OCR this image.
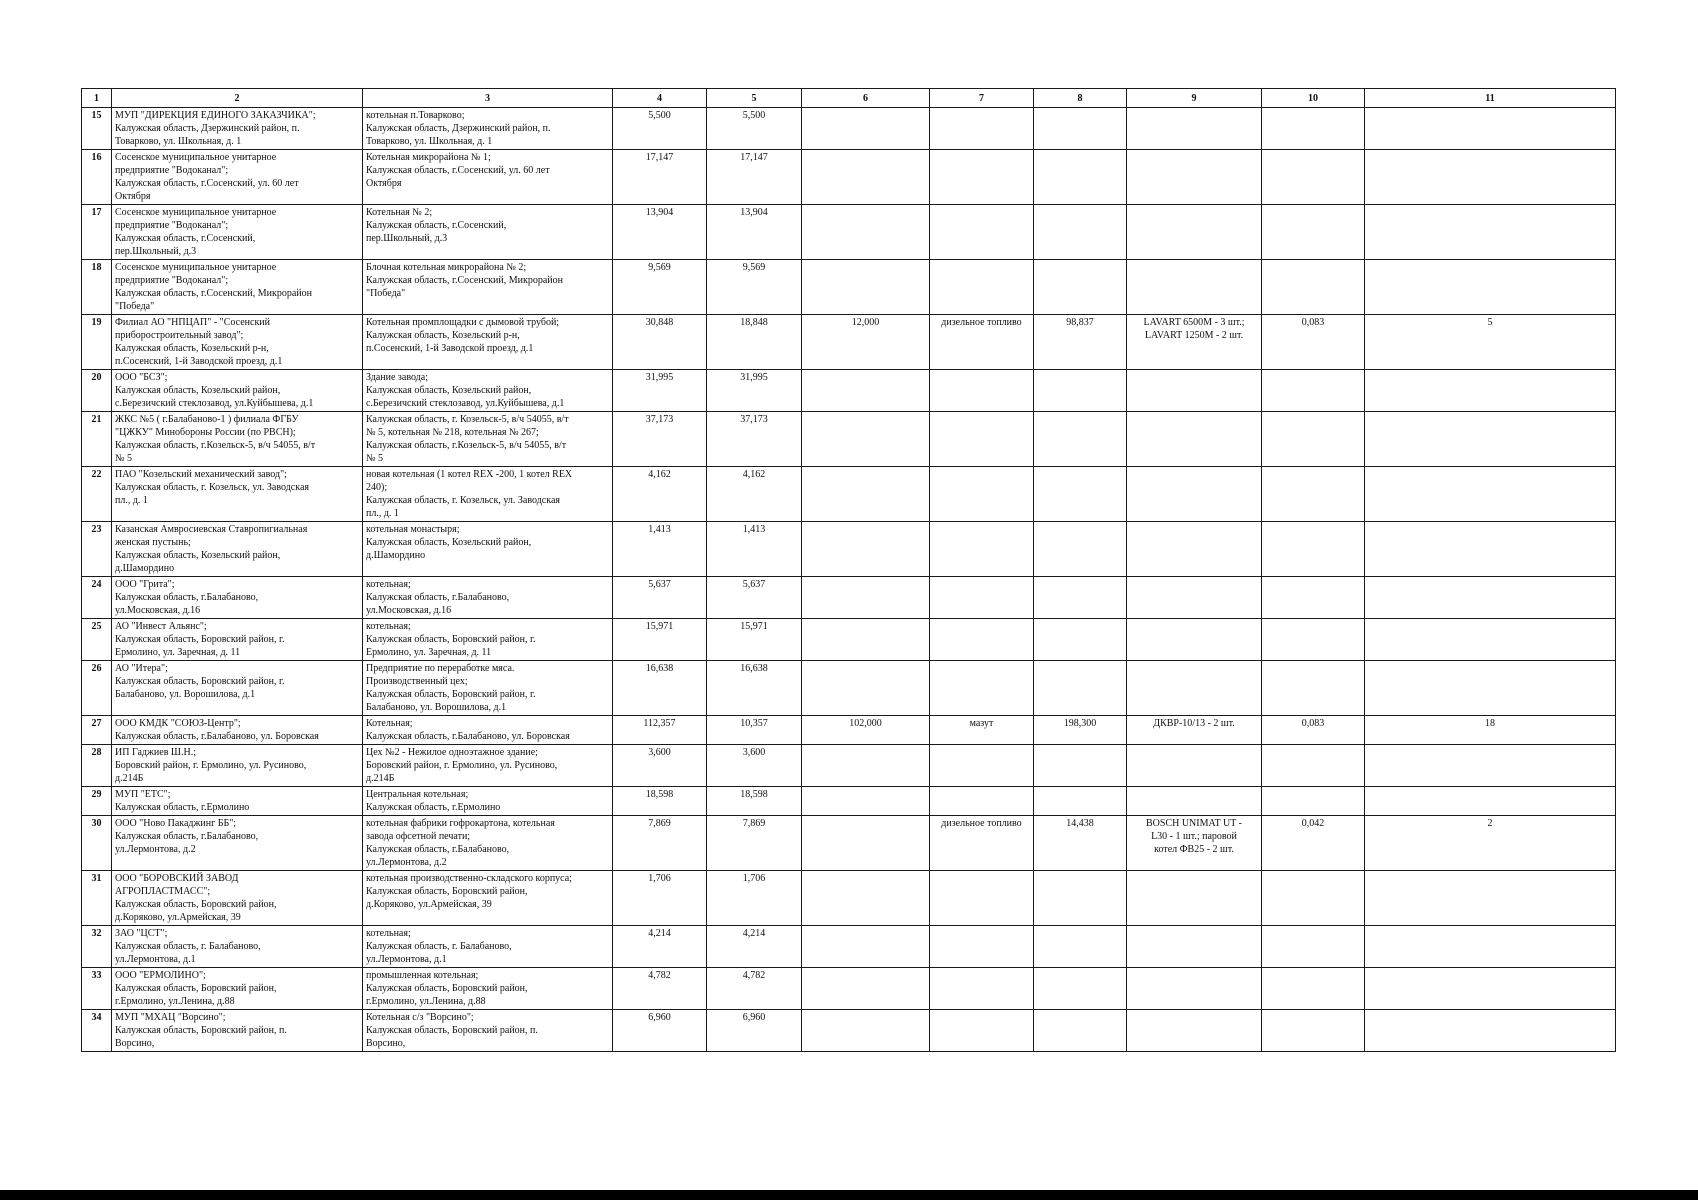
1	2	3	4	5	6	7	8	9	10	11
15	МУП "ДИРЕКЦИЯ ЕДИНОГО ЗАКАЗЧИКА";
Калужская область, Дзержинский район, п.
Товарково, ул. Школьная, д. 1	котельная п.Товарково;
Калужская область, Дзержинский район, п.
Товарково, ул. Школьная, д. 1	5,500	5,500						
16	Сосенское муниципальное унитарное
предприятие "Водоканал";
Калужская область, г.Сосенский, ул. 60 лет
Октября	Котельная микрорайона № 1;
Калужская область, г.Сосенский, ул. 60 лет
Октября	17,147	17,147						
17	Сосенское муниципальное унитарное
предприятие "Водоканал";
Калужская область, г.Сосенский,
пер.Школьный, д.3	Котельная № 2;
Калужская область, г.Сосенский,
пер.Школьный, д.3	13,904	13,904						
18	Сосенское муниципальное унитарное
предприятие "Водоканал";
Калужская область, г.Сосенский, Микрорайон
"Победа"	Блочная котельная микрорайона № 2;
Калужская область, г.Сосенский, Микрорайон
"Победа"	9,569	9,569						
19	Филиал АО "НПЦАП" - "Сосенский
приборостроительный завод";
Калужская область, Козельский р-н,
п.Сосенский, 1-й Заводской проезд, д.1	Котельная промплощадки с дымовой трубой;
Калужская область, Козельский р-н,
п.Сосенский, 1-й Заводской проезд, д.1	30,848	18,848	12,000	дизельное топливо	98,837	LAVART 6500M - 3 шт.;
LAVART 1250M - 2 шт.	0,083	5
20	ООО "БСЗ";
Калужская область, Козельский район,
с.Березичский стеклозавод, ул.Куйбышева, д.1	Здание завода;
Калужская область, Козельский район,
с.Березичский стеклозавод, ул.Куйбышева, д.1	31,995	31,995						
21	ЖКС №5 ( г.Балабаново-1 ) филиала ФГБУ
"ЦЖКУ" Минобороны России (по РВСН);
Калужская область, г.Козельск-5, в/ч 54055, в/т
№ 5	Калужская область, г. Козельск-5, в/ч 54055, в/т
№ 5, котельная № 218, котельная № 267;
Калужская область, г.Козельск-5, в/ч 54055, в/т
№ 5	37,173	37,173						
22	ПАО "Козельский механический завод";
Калужская область, г. Козельск, ул. Заводская
пл., д. 1	новая котельная (1 котел REX -200, 1 котел REX
240);
Калужская область, г. Козельск, ул. Заводская
пл., д. 1	4,162	4,162						
23	Казанская Амвросиевская Ставропигиальная
женская пустынь;
Калужская область, Козельский район,
д.Шамордино	котельная монастыря;
Калужская область, Козельский район,
д.Шамордино	1,413	1,413						
24	ООО "Грита";
Калужская область, г.Балабаново,
ул.Московская, д.16	котельная;
Калужская область, г.Балабаново,
ул.Московская, д.16	5,637	5,637						
25	АО "Инвест Альянс";
Калужская область, Боровский район, г.
Ермолино, ул. Заречная, д. 11	котельная;
Калужская область, Боровский район, г.
Ермолино, ул. Заречная, д. 11	15,971	15,971						
26	АО "Итера";
Калужская область, Боровский район, г.
Балабаново, ул. Ворошилова, д.1	Предприятие по переработке мяса.
Производственный цех;
Калужская область, Боровский район, г.
Балабаново, ул. Ворошилова, д.1	16,638	16,638						
27	ООО КМДК "СОЮЗ-Центр";
Калужская область, г.Балабаново, ул. Боровская	Котельная;
Калужская область, г.Балабаново, ул. Боровская	112,357	10,357	102,000	мазут	198,300	ДКВР-10/13 - 2 шт.	0,083	18
28	ИП Гаджиев Ш.Н.;
Боровский район, г. Ермолино, ул. Русиново,
д.214Б	Цех №2 - Нежилое одноэтажное здание;
Боровский район, г. Ермолино, ул. Русиново,
д.214Б	3,600	3,600						
29	МУП "ЕТС";
Калужская область, г.Ермолино	Центральная котельная;
Калужская область, г.Ермолино	18,598	18,598						
30	ООО "Ново Пакаджинг ББ";
Калужская область, г.Балабаново,
ул.Лермонтова, д.2	котельная фабрики гофрокартона, котельная
завода офсетной печати;
Калужская область, г.Балабаново,
ул.Лермонтова, д.2	7,869	7,869		дизельное топливо	14,438	BOSCH UNIMAT UT -
L30 - 1 шт.; паровой
котел ФВ25 - 2 шт.	0,042	2
31	ООО "БОРОВСКИЙ ЗАВОД
АГРОПЛАСТМАСС";
Калужская область, Боровский район,
д.Коряково, ул.Армейская, 39	котельная производственно-складского корпуса;
Калужская область, Боровский район,
д.Коряково, ул.Армейская, 39	1,706	1,706						
32	ЗАО "ЦСТ";
Калужская область, г. Балабаново,
ул.Лермонтова, д.1	котельная;
Калужская область, г. Балабаново,
ул.Лермонтова, д.1	4,214	4,214						
33	ООО "ЕРМОЛИНО";
Калужская область, Боровский район,
г.Ермолино, ул.Ленина, д.88	промышленная котельная;
Калужская область, Боровский район,
г.Ермолино, ул.Ленина, д.88	4,782	4,782						
34	МУП "МХАЦ "Ворсино";
Калужская область, Боровский район, п.
Ворсино,	Котельная с/з "Ворсино";
Калужская область, Боровский район, п.
Ворсино,	6,960	6,960						
